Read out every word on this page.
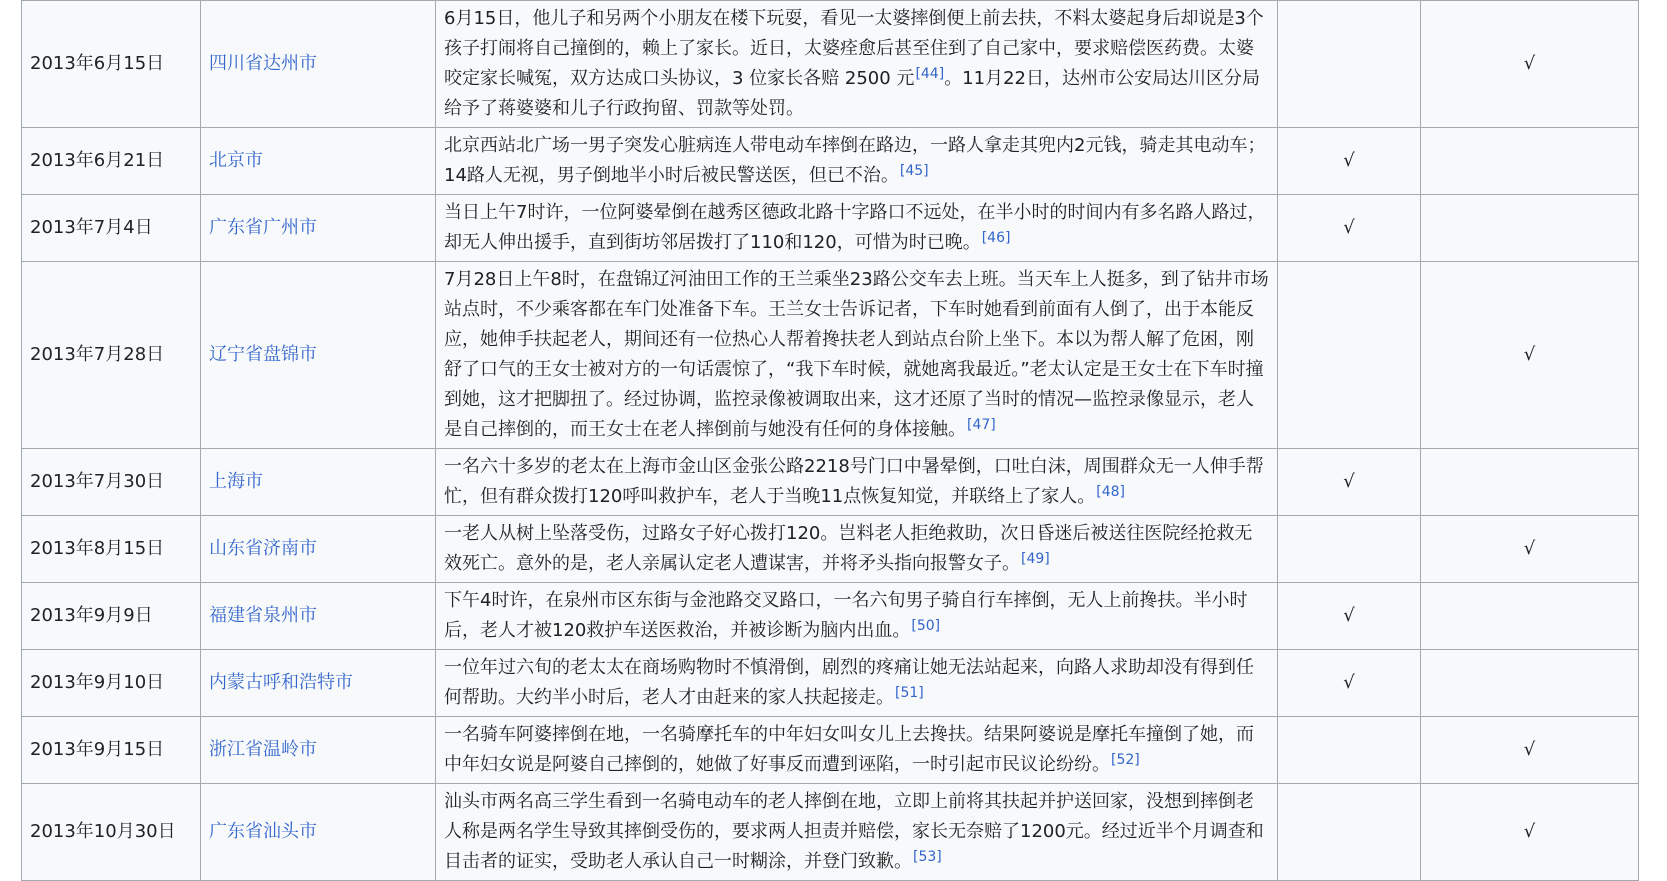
2013年6月15日	四川省达州市	6月15日，他儿子和另两个小朋友在楼下玩耍，看见一太婆摔倒便上前去扶，不料太婆起身后却说是3个孩子打闹将自己撞倒的，赖上了家长。近日，太婆痊愈后甚至住到了自己家中，要求赔偿医药费。太婆咬定家长喊冤，双方达成口头协议，3 位家长各赔 2500 元[44]。11月22日，达州市公安局达川区分局给予了蒋婆婆和儿子行政拘留、罚款等处罚。		√
2013年6月21日	北京市	北京西站北广场一男子突发心脏病连人带电动车摔倒在路边，一路人拿走其兜内2元钱，骑走其电动车；14路人无视，男子倒地半小时后被民警送医，但已不治。[45]	√	
2013年7月4日	广东省广州市	当日上午7时许，一位阿婆晕倒在越秀区德政北路十字路口不远处，在半小时的时间内有多名路人路过，却无人伸出援手，直到街坊邻居拨打了110和120，可惜为时已晚。[46]	√	
2013年7月28日	辽宁省盘锦市	7月28日上午8时，在盘锦辽河油田工作的王兰乘坐23路公交车去上班。当天车上人挺多，到了钻井市场站点时，不少乘客都在车门处准备下车。王兰女士告诉记者，下车时她看到前面有人倒了，出于本能反应，她伸手扶起老人，期间还有一位热心人帮着搀扶老人到站点台阶上坐下。本以为帮人解了危困，刚舒了口气的王女士被对方的一句话震惊了，“我下车时候，就她离我最近。”老太认定是王女士在下车时撞到她，这才把脚扭了。经过协调，监控录像被调取出来，这才还原了当时的情况—监控录像显示，老人是自己摔倒的，而王女士在老人摔倒前与她没有任何的身体接触。[47]		√
2013年7月30日	上海市	一名六十多岁的老太在上海市金山区金张公路2218号门口中暑晕倒，口吐白沫，周围群众无一人伸手帮忙，但有群众拨打120呼叫救护车，老人于当晚11点恢复知觉，并联络上了家人。[48]	√	
2013年8月15日	山东省济南市	一老人从树上坠落受伤，过路女子好心拨打120。岂料老人拒绝救助，次日昏迷后被送往医院经抢救无效死亡。意外的是，老人亲属认定老人遭谋害，并将矛头指向报警女子。[49]		√
2013年9月9日	福建省泉州市	下午4时许，在泉州市区东街与金池路交叉路口，一名六旬男子骑自行车摔倒，无人上前搀扶。半小时后，老人才被120救护车送医救治，并被诊断为脑内出血。[50]	√	
2013年9月10日	内蒙古呼和浩特市	一位年过六旬的老太太在商场购物时不慎滑倒，剧烈的疼痛让她无法站起来，向路人求助却没有得到任何帮助。大约半小时后，老人才由赶来的家人扶起接走。[51]	√	
2013年9月15日	浙江省温岭市	一名骑车阿婆摔倒在地，一名骑摩托车的中年妇女叫女儿上去搀扶。结果阿婆说是摩托车撞倒了她，而中年妇女说是阿婆自己摔倒的，她做了好事反而遭到诬陷，一时引起市民议论纷纷。[52]		√
2013年10月30日	广东省汕头市	汕头市两名高三学生看到一名骑电动车的老人摔倒在地，立即上前将其扶起并护送回家，没想到摔倒老人称是两名学生导致其摔倒受伤的，要求两人担责并赔偿，家长无奈赔了1200元。经过近半个月调查和目击者的证实，受助老人承认自己一时糊涂，并登门致歉。[53]		√
